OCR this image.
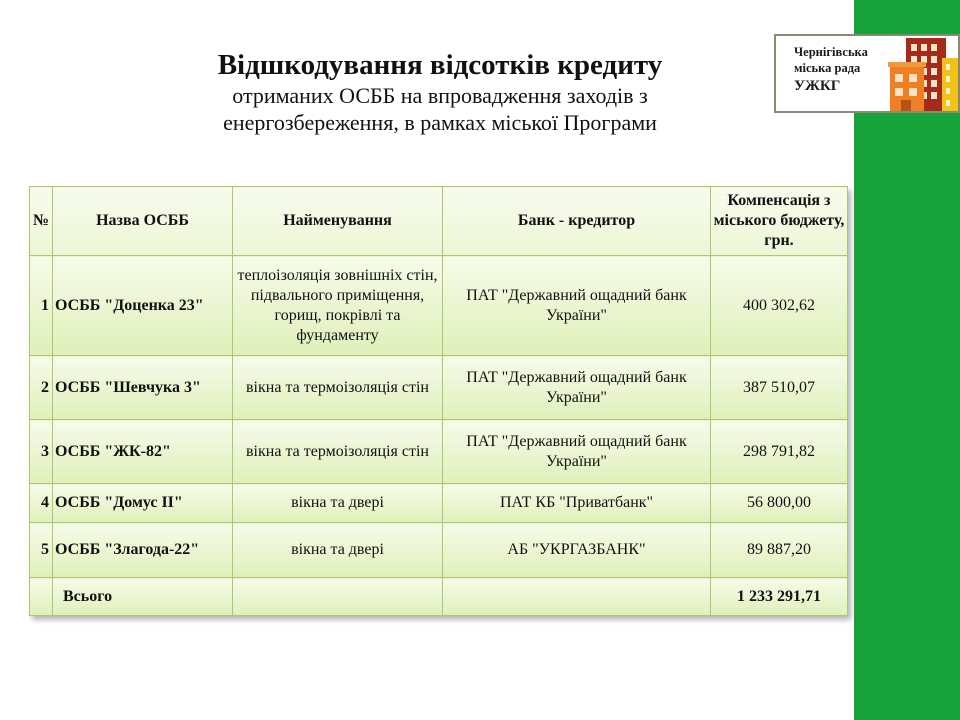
Чернігівська
міська рада
УЖКГ
Відшкодування відсотків кредиту
отриманих ОСББ на впровадження заходів з
енергозбереження, в рамках міської Програми
№	Назва ОСББ	Найменування	Банк - кредитор	Компенсація з міського бюджету, грн.
1	ОСББ "Доценка 23"	теплоізоляція зовнішніх стін, підвального приміщення, горищ, покрівлі та фундаменту	ПАТ "Державний ощадний банк України"	400 302,62
2	ОСББ "Шевчука 3"	вікна та термоізоляція стін	ПАТ "Державний ощадний банк України"	387 510,07
3	ОСББ "ЖК-82"	вікна та термоізоляція стін	ПАТ "Державний ощадний банк України"	298 791,82
4	ОСББ "Домус ІІ"	вікна та двері	ПАТ КБ "Приватбанк"	56 800,00
5	ОСББ "Злагода-22"	вікна та двері	АБ "УКРГАЗБАНК"	89 887,20
	Всього			1 233 291,71
